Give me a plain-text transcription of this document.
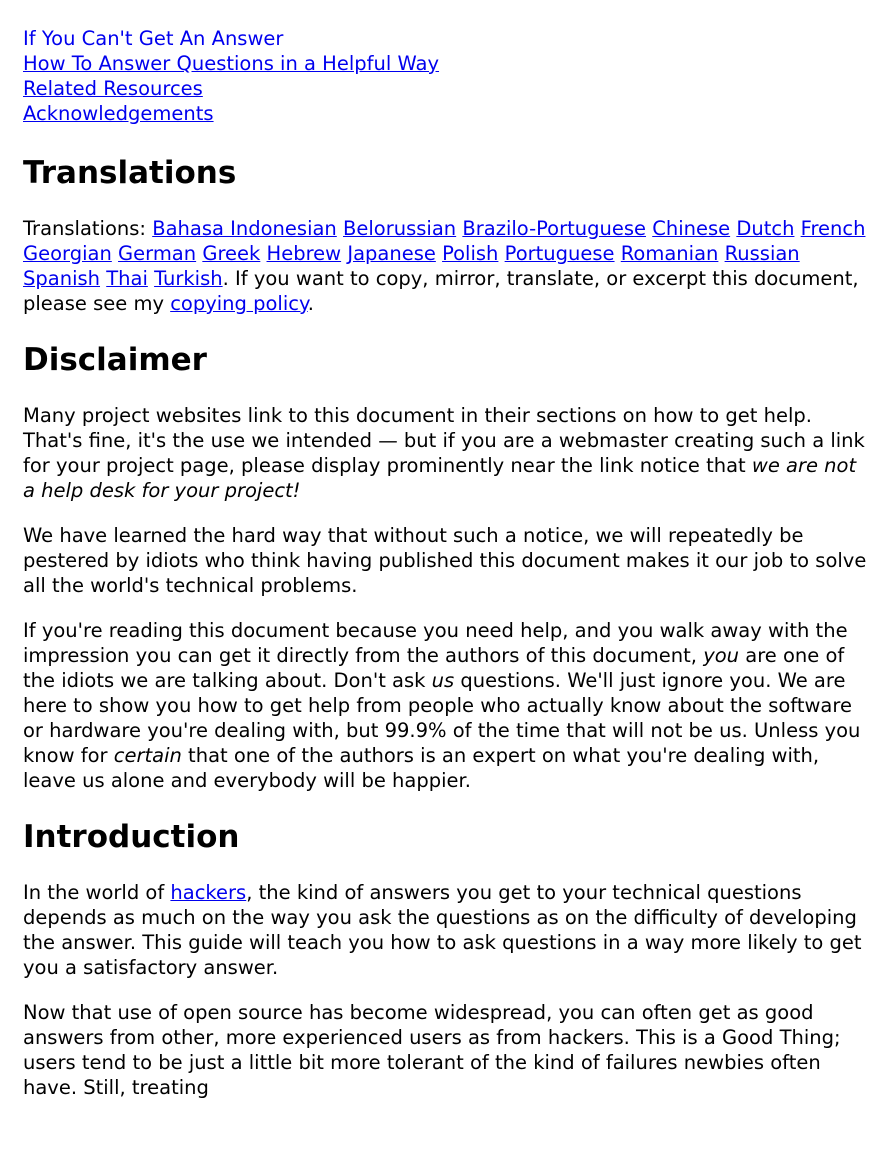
If You Can't Get An Answer
How To Answer Questions in a Helpful Way
Related Resources
Acknowledgements
Translations

Translations: Bahasa Indonesian Belorussian Brazilo-Portuguese Chinese Dutch French Georgian German Greek Hebrew Japanese Polish Portuguese Romanian Russian Spanish Thai Turkish. If you want to copy, mirror, translate, or excerpt this document, please see my copying policy.

Disclaimer

Many project websites link to this document in their sections on how to get help. That's fine, it's the use we intended — but if you are a webmaster creating such a link for your project page, please display prominently near the link notice that we are not a help desk for your project!

We have learned the hard way that without such a notice, we will repeatedly be pestered by idiots who think having published this document makes it our job to solve all the world's technical problems.

If you're reading this document because you need help, and you walk away with the impression you can get it directly from the authors of this document, you are one of the idiots we are talking about. Don't ask us questions. We'll just ignore you. We are here to show you how to get help from people who actually know about the software or hardware you're dealing with, but 99.9% of the time that will not be us. Unless you know for certain that one of the authors is an expert on what you're dealing with, leave us alone and everybody will be happier.

Introduction

In the world of hackers, the kind of answers you get to your technical questions depends as much on the way you ask the questions as on the difficulty of developing the answer. This guide will teach you how to ask questions in a way more likely to get you a satisfactory answer.

Now that use of open source has become widespread, you can often get as good answers from other, more experienced users as from hackers. This is a Good Thing; users tend to be just a little bit more tolerant of the kind of failures newbies often have. Still, treating
